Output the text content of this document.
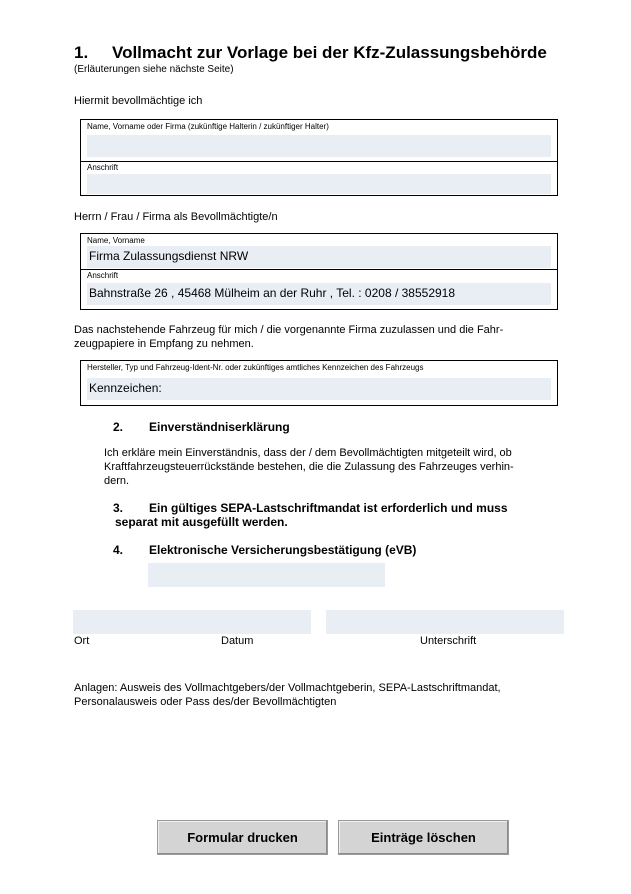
1. Vollmacht zur Vorlage bei der Kfz-Zulassungsbehörde
(Erläuterungen siehe nächste Seite)
Hiermit bevollmächtige ich
Name, Vorname oder Firma (zukünftige Halterin / zukünftiger Halter)
Anschrift
Herrn / Frau / Firma als Bevollmächtigte/n
Name, Vorname
Firma Zulassungsdienst NRW
Anschrift
Bahnstraße 26 , 45468 Mülheim an der Ruhr , Tel. : 0208 / 38552918
Das nachstehende Fahrzeug für mich / die vorgenannte Firma zuzulassen und die Fahr-
zeugpapiere in Empfang zu nehmen.
Hersteller, Typ und Fahrzeug-Ident-Nr. oder zukünftiges amtliches Kennzeichen des Fahrzeugs
Kennzeichen:
2. Einverständniserklärung
Ich erkläre mein Einverständnis, dass der / dem Bevollmächtigten mitgeteilt wird, ob
Kraftfahrzeugsteuerrückstände bestehen, die die Zulassung des Fahrzeuges verhin-
dern.
3. Ein gültiges SEPA-Lastschriftmandat ist erforderlich und muss
separat mit ausgefüllt werden.
4. Elektronische Versicherungsbestätigung (eVB)
Ort	Datum	Unterschrift
Anlagen: Ausweis des Vollmachtgebers/der Vollmachtgeberin, SEPA-Lastschriftmandat,
Personalausweis oder Pass des/der Bevollmächtigten
Formular drucken	Einträge löschen
